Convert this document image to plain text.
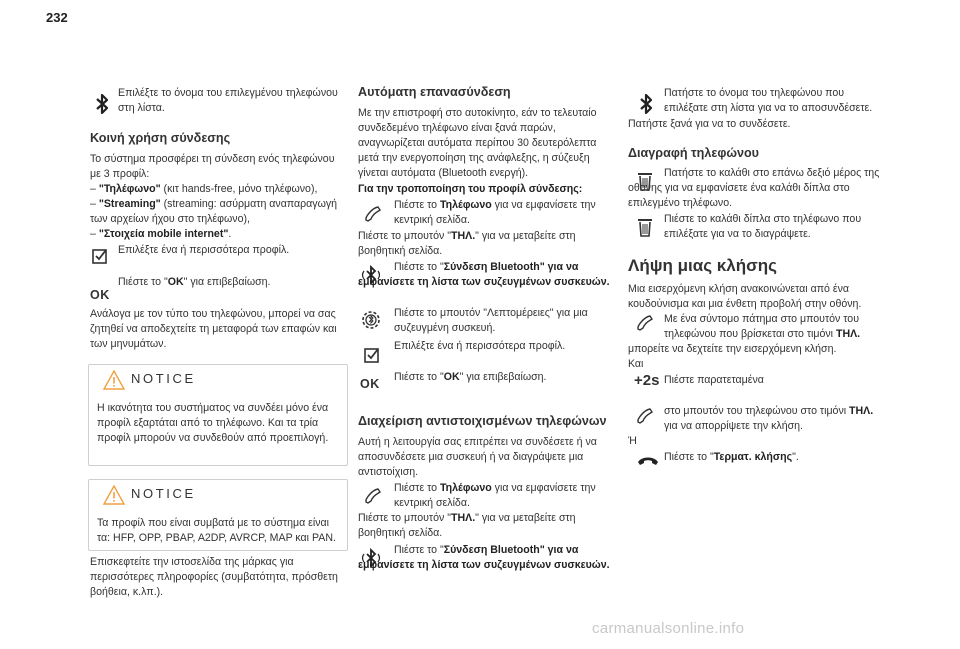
232
Επιλέξτε το όνομα του επιλεγμένου τηλεφώνου στη λίστα.
Κοινή χρήση σύνδεσης
Το σύστημα προσφέρει τη σύνδεση ενός τηλεφώνου με 3 προφίλ:
– "Τηλέφωνο" (κιτ hands-free, μόνο τηλέφωνο),
– "Streaming" (streaming: ασύρματη αναπαραγωγή των αρχείων ήχου στο τηλέφωνο),
– "Στοιχεία mobile internet".
Επιλέξτε ένα ή περισσότερα προφίλ.
OK
Πιέστε το "OK" για επιβεβαίωση.
Ανάλογα με τον τύπο του τηλεφώνου, μπορεί να σας ζητηθεί να αποδεχτείτε τη μεταφορά των επαφών και των μηνυμάτων.
NOTICE
Η ικανότητα του συστήματος να συνδέει μόνο ένα προφίλ εξαρτάται από το τηλέφωνο. Και τα τρία προφίλ μπορούν να συνδεθούν από προεπιλογή.
NOTICE
Τα προφίλ που είναι συμβατά με το σύστημα είναι τα: HFP, OPP, PBAP, A2DP, AVRCP, MAP και PAN.
Επισκεφτείτε την ιστοσελίδα της μάρκας για περισσότερες πληροφορίες (συμβατότητα, πρόσθετη βοήθεια, κ.λπ.).
Αυτόματη επανασύνδεση
Με την επιστροφή στο αυτοκίνητο, εάν το τελευταίο συνδεδεμένο τηλέφωνο είναι ξανά παρών, αναγνωρίζεται αυτόματα περίπου 30 δευτερόλεπτα μετά την ενεργοποίηση της ανάφλεξης, η σύζευξη γίνεται αυτόματα (Bluetooth ενεργή).
Για την τροποποίηση του προφίλ σύνδεσης:
Πιέστε το Τηλέφωνο για να εμφανίσετε την κεντρική σελίδα.
Πιέστε το μπουτόν "ΤΗΛ." για να μεταβείτε στη βοηθητική σελίδα.
Πιέστε το "Σύνδεση Bluetooth" για να εμφανίσετε τη λίστα των συζευγμένων συσκευών.
Πιέστε το μπουτόν "Λεπτομέρειες" για μια συζευγμένη συσκευή.
Επιλέξτε ένα ή περισσότερα προφίλ.
OK Πιέστε το "OK" για επιβεβαίωση.
Διαχείριση αντιστοιχισμένων τηλεφώνων
Αυτή η λειτουργία σας επιτρέπει να συνδέσετε ή να αποσυνδέσετε μια συσκευή ή να διαγράψετε μια αντιστοίχιση.
Πιέστε το Τηλέφωνο για να εμφανίσετε την κεντρική σελίδα.
Πιέστε το μπουτόν "ΤΗΛ." για να μεταβείτε στη βοηθητική σελίδα.
Πιέστε το "Σύνδεση Bluetooth" για να εμφανίσετε τη λίστα των συζευγμένων συσκευών.
Πατήστε το όνομα του τηλεφώνου που επιλέξατε στη λίστα για να το αποσυνδέσετε.
Πατήστε ξανά για να το συνδέσετε.
Διαγραφή τηλεφώνου
Πατήστε το καλάθι στο επάνω δεξιό μέρος της οθόνης για να εμφανίσετε ένα καλάθι δίπλα στο επιλεγμένο τηλέφωνο.
Πιέστε το καλάθι δίπλα στο τηλέφωνο που επιλέξατε για να το διαγράψετε.
Λήψη μιας κλήσης
Μια εισερχόμενη κλήση ανακοινώνεται από ένα κουδούνισμα και μια ένθετη προβολή στην οθόνη.
Με ένα σύντομο πάτημα στο μπουτόν του τηλεφώνου που βρίσκεται στο τιμόνι ΤΗΛ.
μπορείτε να δεχτείτε την εισερχόμενη κλήση.
Και
+2s Πιέστε παρατεταμένα
στο μπουτόν του τηλεφώνου στο τιμόνι ΤΗΛ.
για να απορρίψετε την κλήση.
Ή
Πιέστε το "Τερματ. κλήσης".
carmanualsonline.info
